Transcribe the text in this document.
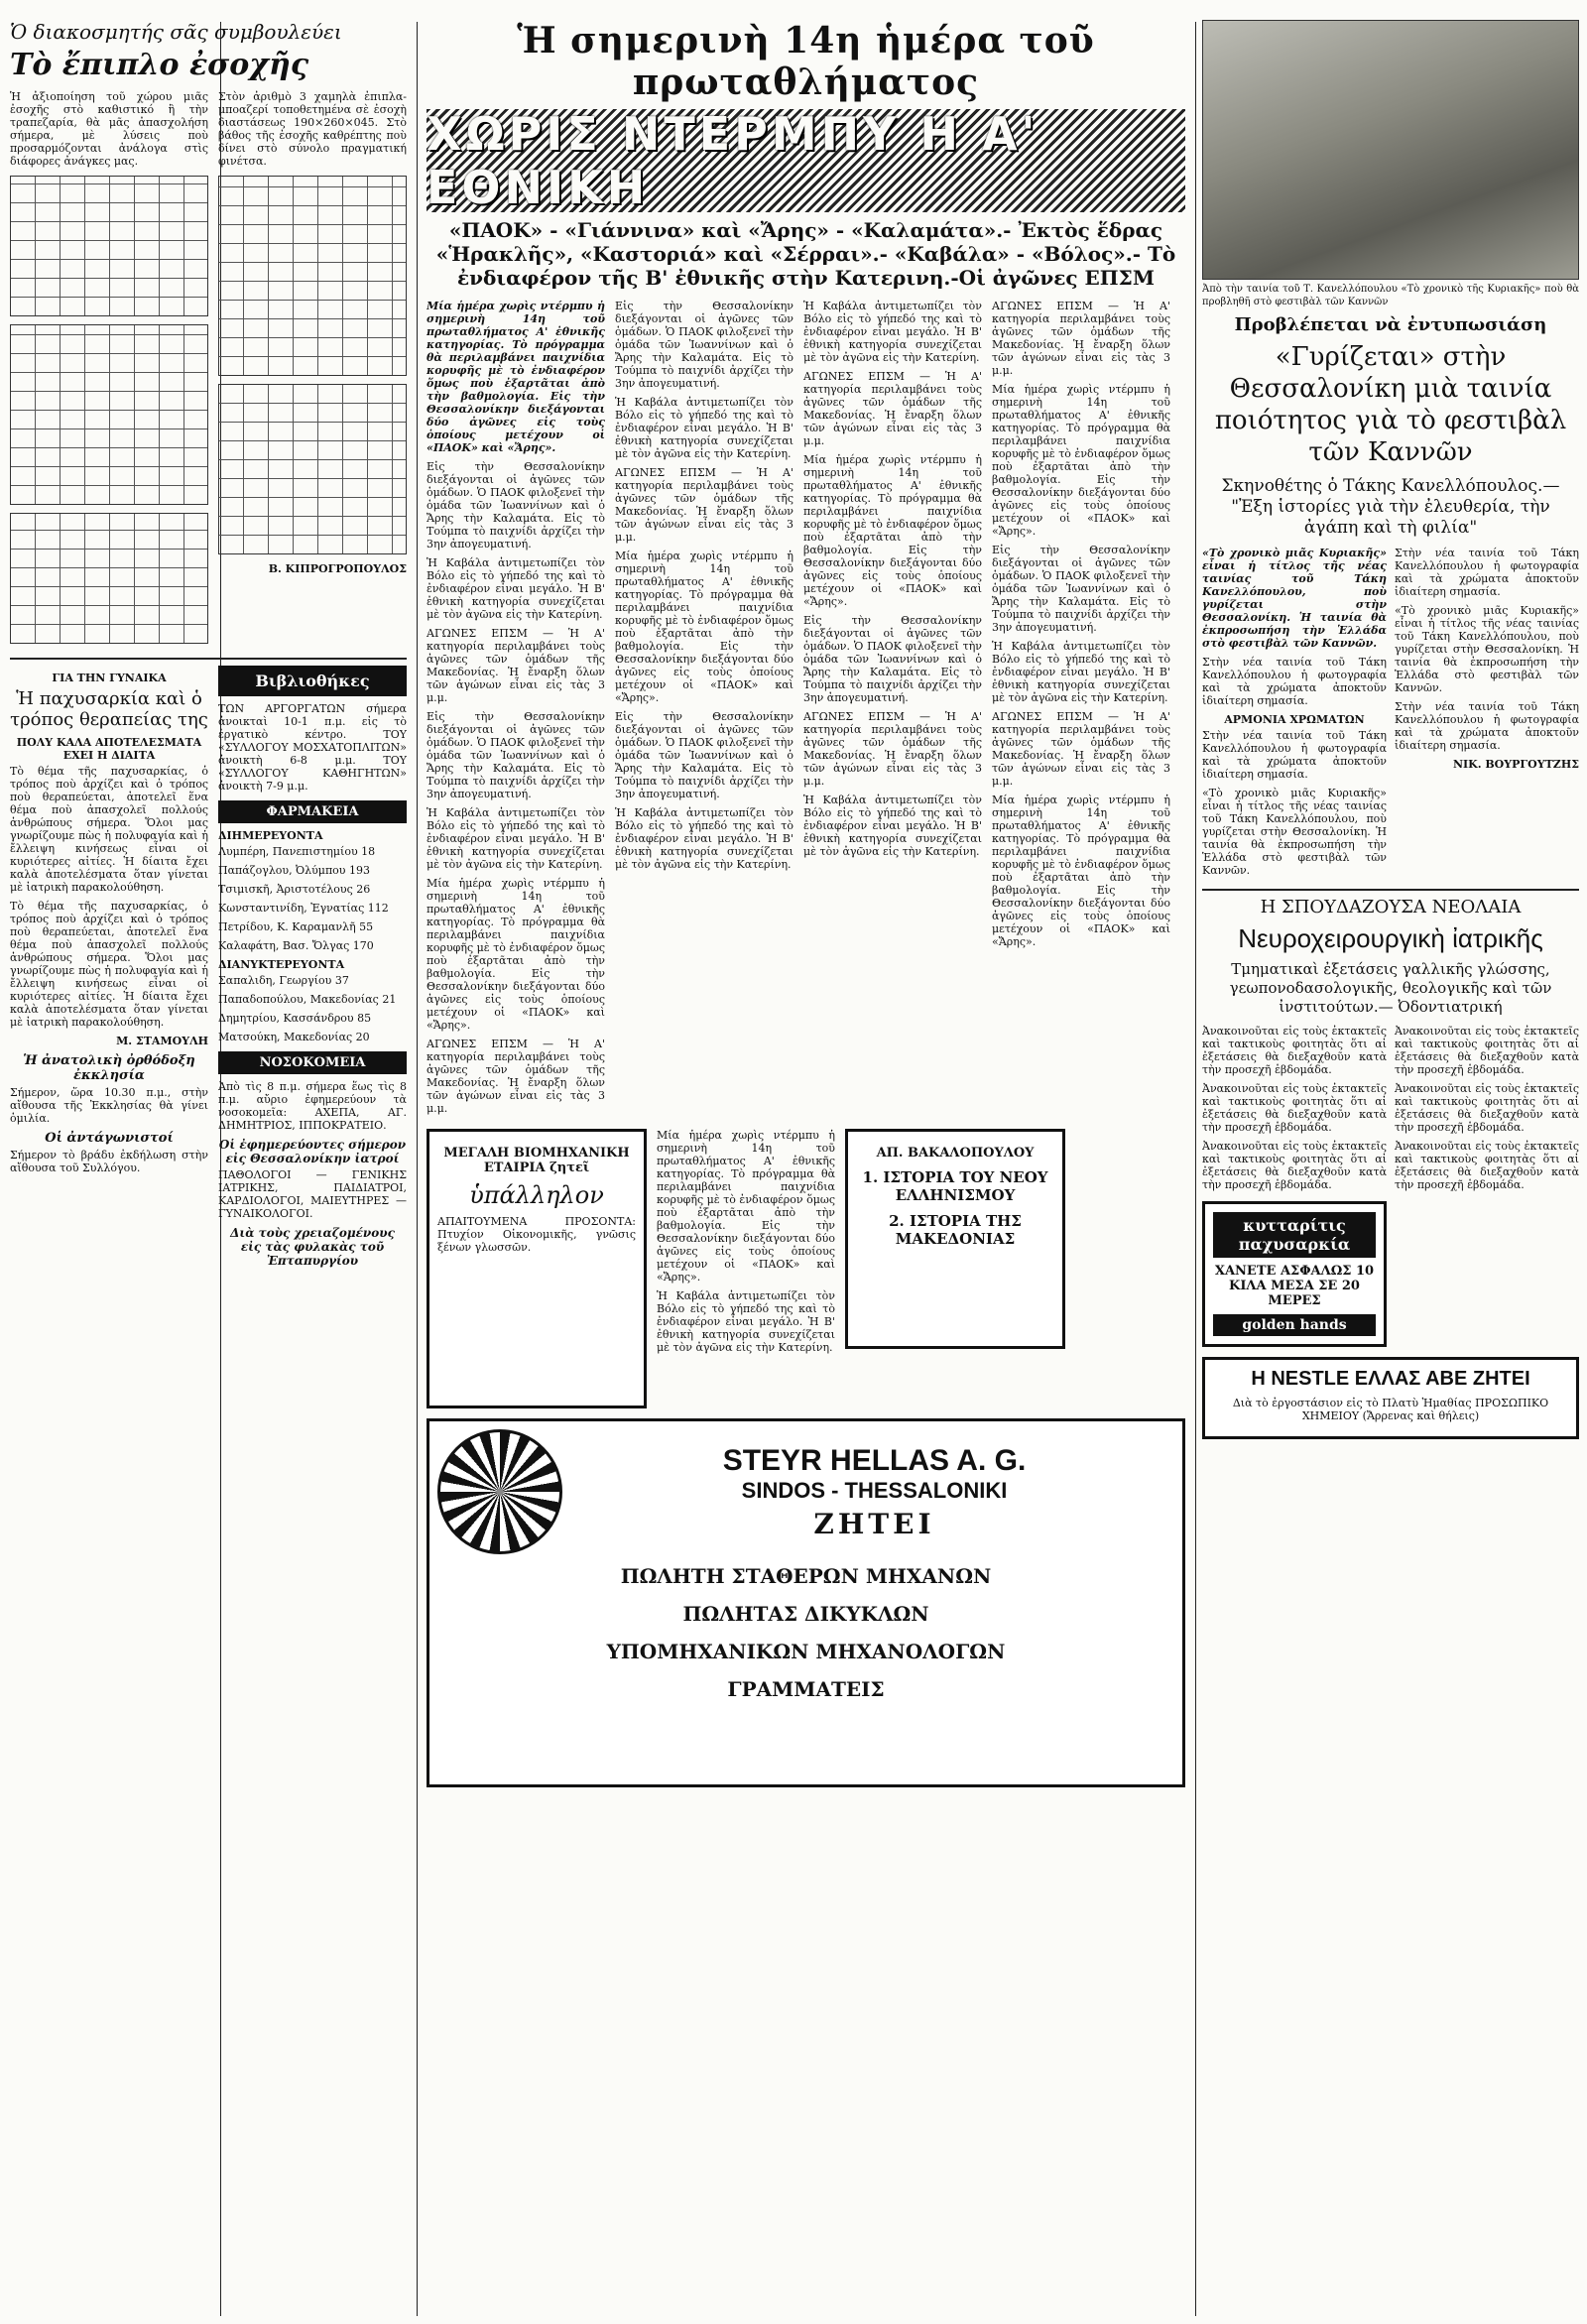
Ὁ διακοσμητής σᾶς συμβουλεύει
Τὸ ἔπιπλο ἐσοχῆς

Ἡ ἀξιοποίηση τοῦ χώρου μιᾶς ἐσοχῆς στὸ καθιστικό ἢ τὴν τραπεζαρία, θὰ μᾶς ἀπασχολήση σήμερα, μὲ λύσεις ποὺ προσαρμόζονται ἀνάλογα στὶς διάφορες ἀνάγκες μας.

Στὸν ἀριθμὸ 3 χαμηλὰ ἐπιπλα-μποαζερί τοποθετημένα σὲ ἐσοχὴ διαστάσεως 190×260×045. Στὸ βάθος τῆς ἐσοχῆς καθρέπτης ποὺ δίνει στὸ σύνολο πραγματική φινέτσα.

Β. ΚΙΠΡΟΓΡΟΠΟΥΛΟΣ

ΓΙΑ ΤΗΝ ΓΥΝΑΙΚΑ
Ἡ παχυσαρκία καὶ ὁ τρόπος θεραπείας της
ΠΟΛΥ ΚΑΛΑ ΑΠΟΤΕΛΕΣΜΑΤΑ ΕΧΕΙ Η ΔΙΑΙΤΑ

Τὸ θέμα τῆς παχυσαρκίας, ὁ τρόπος ποὺ ἀρχίζει καὶ ὁ τρόπος ποὺ θεραπεύεται, ἀποτελεῖ ἕνα θέμα ποὺ ἀπασχολεῖ πολλούς ἀνθρώπους σήμερα. Ὅλοι μας γνωρίζουμε πὼς ἡ πολυφαγία καὶ ἡ ἔλλειψη κινήσεως εἶναι οἱ κυριότερες αἰτίες. Ἡ δίαιτα ἔχει καλὰ ἀποτελέσματα ὅταν γίνεται μὲ ἰατρικὴ παρακολούθηση.

Τὸ θέμα τῆς παχυσαρκίας, ὁ τρόπος ποὺ ἀρχίζει καὶ ὁ τρόπος ποὺ θεραπεύεται, ἀποτελεῖ ἕνα θέμα ποὺ ἀπασχολεῖ πολλούς ἀνθρώπους σήμερα. Ὅλοι μας γνωρίζουμε πὼς ἡ πολυφαγία καὶ ἡ ἔλλειψη κινήσεως εἶναι οἱ κυριότερες αἰτίες. Ἡ δίαιτα ἔχει καλὰ ἀποτελέσματα ὅταν γίνεται μὲ ἰατρικὴ παρακολούθηση.

Μ. ΣΤΑΜΟΥΛΗ

Ἡ ἀνατολικὴ ὀρθόδοξη ἐκκλησία

Σήμερον, ὥρα 10.30 π.μ., στὴν αἴθουσα τῆς Ἐκκλησίας θὰ γίνει ὁμιλία.

Οἱ ἀντάγωνιστοί

Σήμερον τὸ βράδυ ἐκδήλωση στὴν αἴθουσα τοῦ Συλλόγου.

Βιβλιοθήκες

ΤΩΝ ΑΡΓΟΡΓΑΤΩΝ σήμερα ἀνοικταὶ 10-1 π.μ. εἰς τὸ ἐργατικὸ κέντρο. ΤΟΥ «ΣΥΛΛΟΓΟΥ ΜΟΣΧΑΤΟΠΛΙΤΩΝ» ἀνοικτὴ 6-8 μ.μ. ΤΟΥ «ΣΥΛΛΟΓΟΥ ΚΑΘΗΓΗΤΩΝ» ἀνοικτὴ 7-9 μ.μ.

ΦΑΡΜΑΚΕΙΑ
ΔΙΗΜΕΡΕΥΟΝΤΑ

Λυμπέρη, Πανεπιστημίου 18

Παπάζογλου, Ὀλύμπου 193

Τσιμισκῆ, Ἀριστοτέλους 26

Κωνσταντινίδη, Ἐγνατίας 112

Πετρίδου, Κ. Καραμανλῆ 55

Καλαφάτη, Βασ. Ὄλγας 170

ΔΙΑΝΥΚΤΕΡΕΥΟΝΤΑ

Σαπαλιδη, Γεωργίου 37

Παπαδοπούλου, Μακεδονίας 21

Δημητρίου, Κασσάνδρου 85

Ματσούκη, Μακεδονίας 20

ΝΟΣΟΚΟΜΕΙΑ

Ἀπὸ τὶς 8 π.μ. σήμερα ἕως τὶς 8 π.μ. αὔριο ἐφημερεύουν τὰ νοσοκομεῖα: ΑΧΕΠΑ, ΑΓ. ΔΗΜΗΤΡΙΟΣ, ΙΠΠΟΚΡΑΤΕΙΟ.

Οἱ ἐφημερεύοντες σήμερον εἰς Θεσσαλονίκην ἰατροί

ΠΑΘΟΛΟΓΟΙ — ΓΕΝΙΚΗΣ ΙΑΤΡΙΚΗΣ, ΠΑΙΔΙΑΤΡΟΙ, ΚΑΡΔΙΟΛΟΓΟΙ, ΜΑΙΕΥΤΗΡΕΣ — ΓΥΝΑΙΚΟΛΟΓΟΙ.

Διὰ τοὺς χρειαζομένους εἰς τὰς φυλακὰς τοῦ Ἐπταπυργίου
Ἡ σημερινὴ 14η ἡμέρα τοῦ πρωταθλήματος
ΧΩΡΙΣ ΝΤΕΡΜΠΥ Η Α' ΕΘΝΙΚΗ
«ΠΑΟΚ» - «Γιάννινα» καὶ «Ἄρης» - «Καλαμάτα».- Ἐκτὸς ἕδρας «Ἡρακλῆς», «Καστοριά» καὶ «Σέρραι».- «Καβάλα» - «Βόλος».- Τὸ ἐνδιαφέρον τῆς Β' ἐθνικῆς στὴν Κατερινη.-Οἱ ἀγῶνες ΕΠΣΜ

Μία ἡμέρα χωρὶς ντέρμπυ ἡ σημερινὴ 14η τοῦ πρωταθλήματος Α' ἐθνικῆς κατηγορίας. Τὸ πρόγραμμα θὰ περιλαμβάνει παιχνίδια κορυφῆς μὲ τὸ ἐνδιαφέρον ὅμως ποὺ ἐξαρτᾶται ἀπὸ τὴν βαθμολογία. Εἰς τὴν Θεσσαλονίκην διεξάγονται δύο ἀγῶνες εἰς τοὺς ὁποίους μετέχουν οἱ «ΠΑΟΚ» καὶ «Ἄρης».

Εἰς τὴν Θεσσαλονίκην διεξάγονται οἱ ἀγῶνες τῶν ὁμάδων. Ὁ ΠΑΟΚ φιλοξενεῖ τὴν ὁμάδα τῶν Ἰωαννίνων καὶ ὁ Ἄρης τὴν Καλαμάτα. Εἰς τὸ Τούμπα τὸ παιχνίδι ἀρχίζει τὴν 3ην ἀπογευματινή.

Ἡ Καβάλα ἀντιμετωπίζει τὸν Βόλο εἰς τὸ γήπεδό της καὶ τὸ ἐνδιαφέρον εἶναι μεγάλο. Ἡ Β' ἐθνικὴ κατηγορία συνεχίζεται μὲ τὸν ἀγῶνα εἰς τὴν Κατερίνη.

ΑΓΩΝΕΣ ΕΠΣΜ — Ἡ Α' κατηγορία περιλαμβάνει τοὺς ἀγῶνες τῶν ὁμάδων τῆς Μακεδονίας. Ἡ ἔναρξη ὅλων τῶν ἀγώνων εἶναι εἰς τὰς 3 μ.μ.

Εἰς τὴν Θεσσαλονίκην διεξάγονται οἱ ἀγῶνες τῶν ὁμάδων. Ὁ ΠΑΟΚ φιλοξενεῖ τὴν ὁμάδα τῶν Ἰωαννίνων καὶ ὁ Ἄρης τὴν Καλαμάτα. Εἰς τὸ Τούμπα τὸ παιχνίδι ἀρχίζει τὴν 3ην ἀπογευματινή.

Ἡ Καβάλα ἀντιμετωπίζει τὸν Βόλο εἰς τὸ γήπεδό της καὶ τὸ ἐνδιαφέρον εἶναι μεγάλο. Ἡ Β' ἐθνικὴ κατηγορία συνεχίζεται μὲ τὸν ἀγῶνα εἰς τὴν Κατερίνη.

Μία ἡμέρα χωρὶς ντέρμπυ ἡ σημερινὴ 14η τοῦ πρωταθλήματος Α' ἐθνικῆς κατηγορίας. Τὸ πρόγραμμα θὰ περιλαμβάνει παιχνίδια κορυφῆς μὲ τὸ ἐνδιαφέρον ὅμως ποὺ ἐξαρτᾶται ἀπὸ τὴν βαθμολογία. Εἰς τὴν Θεσσαλονίκην διεξάγονται δύο ἀγῶνες εἰς τοὺς ὁποίους μετέχουν οἱ «ΠΑΟΚ» καὶ «Ἄρης».

ΑΓΩΝΕΣ ΕΠΣΜ — Ἡ Α' κατηγορία περιλαμβάνει τοὺς ἀγῶνες τῶν ὁμάδων τῆς Μακεδονίας. Ἡ ἔναρξη ὅλων τῶν ἀγώνων εἶναι εἰς τὰς 3 μ.μ.

Εἰς τὴν Θεσσαλονίκην διεξάγονται οἱ ἀγῶνες τῶν ὁμάδων. Ὁ ΠΑΟΚ φιλοξενεῖ τὴν ὁμάδα τῶν Ἰωαννίνων καὶ ὁ Ἄρης τὴν Καλαμάτα. Εἰς τὸ Τούμπα τὸ παιχνίδι ἀρχίζει τὴν 3ην ἀπογευματινή.

Ἡ Καβάλα ἀντιμετωπίζει τὸν Βόλο εἰς τὸ γήπεδό της καὶ τὸ ἐνδιαφέρον εἶναι μεγάλο. Ἡ Β' ἐθνικὴ κατηγορία συνεχίζεται μὲ τὸν ἀγῶνα εἰς τὴν Κατερίνη.

ΑΓΩΝΕΣ ΕΠΣΜ — Ἡ Α' κατηγορία περιλαμβάνει τοὺς ἀγῶνες τῶν ὁμάδων τῆς Μακεδονίας. Ἡ ἔναρξη ὅλων τῶν ἀγώνων εἶναι εἰς τὰς 3 μ.μ.

Μία ἡμέρα χωρὶς ντέρμπυ ἡ σημερινὴ 14η τοῦ πρωταθλήματος Α' ἐθνικῆς κατηγορίας. Τὸ πρόγραμμα θὰ περιλαμβάνει παιχνίδια κορυφῆς μὲ τὸ ἐνδιαφέρον ὅμως ποὺ ἐξαρτᾶται ἀπὸ τὴν βαθμολογία. Εἰς τὴν Θεσσαλονίκην διεξάγονται δύο ἀγῶνες εἰς τοὺς ὁποίους μετέχουν οἱ «ΠΑΟΚ» καὶ «Ἄρης».

Εἰς τὴν Θεσσαλονίκην διεξάγονται οἱ ἀγῶνες τῶν ὁμάδων. Ὁ ΠΑΟΚ φιλοξενεῖ τὴν ὁμάδα τῶν Ἰωαννίνων καὶ ὁ Ἄρης τὴν Καλαμάτα. Εἰς τὸ Τούμπα τὸ παιχνίδι ἀρχίζει τὴν 3ην ἀπογευματινή.

Ἡ Καβάλα ἀντιμετωπίζει τὸν Βόλο εἰς τὸ γήπεδό της καὶ τὸ ἐνδιαφέρον εἶναι μεγάλο. Ἡ Β' ἐθνικὴ κατηγορία συνεχίζεται μὲ τὸν ἀγῶνα εἰς τὴν Κατερίνη.

Ἡ Καβάλα ἀντιμετωπίζει τὸν Βόλο εἰς τὸ γήπεδό της καὶ τὸ ἐνδιαφέρον εἶναι μεγάλο. Ἡ Β' ἐθνικὴ κατηγορία συνεχίζεται μὲ τὸν ἀγῶνα εἰς τὴν Κατερίνη.

ΑΓΩΝΕΣ ΕΠΣΜ — Ἡ Α' κατηγορία περιλαμβάνει τοὺς ἀγῶνες τῶν ὁμάδων τῆς Μακεδονίας. Ἡ ἔναρξη ὅλων τῶν ἀγώνων εἶναι εἰς τὰς 3 μ.μ.

Μία ἡμέρα χωρὶς ντέρμπυ ἡ σημερινὴ 14η τοῦ πρωταθλήματος Α' ἐθνικῆς κατηγορίας. Τὸ πρόγραμμα θὰ περιλαμβάνει παιχνίδια κορυφῆς μὲ τὸ ἐνδιαφέρον ὅμως ποὺ ἐξαρτᾶται ἀπὸ τὴν βαθμολογία. Εἰς τὴν Θεσσαλονίκην διεξάγονται δύο ἀγῶνες εἰς τοὺς ὁποίους μετέχουν οἱ «ΠΑΟΚ» καὶ «Ἄρης».

Εἰς τὴν Θεσσαλονίκην διεξάγονται οἱ ἀγῶνες τῶν ὁμάδων. Ὁ ΠΑΟΚ φιλοξενεῖ τὴν ὁμάδα τῶν Ἰωαννίνων καὶ ὁ Ἄρης τὴν Καλαμάτα. Εἰς τὸ Τούμπα τὸ παιχνίδι ἀρχίζει τὴν 3ην ἀπογευματινή.

ΑΓΩΝΕΣ ΕΠΣΜ — Ἡ Α' κατηγορία περιλαμβάνει τοὺς ἀγῶνες τῶν ὁμάδων τῆς Μακεδονίας. Ἡ ἔναρξη ὅλων τῶν ἀγώνων εἶναι εἰς τὰς 3 μ.μ.

Ἡ Καβάλα ἀντιμετωπίζει τὸν Βόλο εἰς τὸ γήπεδό της καὶ τὸ ἐνδιαφέρον εἶναι μεγάλο. Ἡ Β' ἐθνικὴ κατηγορία συνεχίζεται μὲ τὸν ἀγῶνα εἰς τὴν Κατερίνη.

ΑΓΩΝΕΣ ΕΠΣΜ — Ἡ Α' κατηγορία περιλαμβάνει τοὺς ἀγῶνες τῶν ὁμάδων τῆς Μακεδονίας. Ἡ ἔναρξη ὅλων τῶν ἀγώνων εἶναι εἰς τὰς 3 μ.μ.

Μία ἡμέρα χωρὶς ντέρμπυ ἡ σημερινὴ 14η τοῦ πρωταθλήματος Α' ἐθνικῆς κατηγορίας. Τὸ πρόγραμμα θὰ περιλαμβάνει παιχνίδια κορυφῆς μὲ τὸ ἐνδιαφέρον ὅμως ποὺ ἐξαρτᾶται ἀπὸ τὴν βαθμολογία. Εἰς τὴν Θεσσαλονίκην διεξάγονται δύο ἀγῶνες εἰς τοὺς ὁποίους μετέχουν οἱ «ΠΑΟΚ» καὶ «Ἄρης».

Εἰς τὴν Θεσσαλονίκην διεξάγονται οἱ ἀγῶνες τῶν ὁμάδων. Ὁ ΠΑΟΚ φιλοξενεῖ τὴν ὁμάδα τῶν Ἰωαννίνων καὶ ὁ Ἄρης τὴν Καλαμάτα. Εἰς τὸ Τούμπα τὸ παιχνίδι ἀρχίζει τὴν 3ην ἀπογευματινή.

Ἡ Καβάλα ἀντιμετωπίζει τὸν Βόλο εἰς τὸ γήπεδό της καὶ τὸ ἐνδιαφέρον εἶναι μεγάλο. Ἡ Β' ἐθνικὴ κατηγορία συνεχίζεται μὲ τὸν ἀγῶνα εἰς τὴν Κατερίνη.

ΑΓΩΝΕΣ ΕΠΣΜ — Ἡ Α' κατηγορία περιλαμβάνει τοὺς ἀγῶνες τῶν ὁμάδων τῆς Μακεδονίας. Ἡ ἔναρξη ὅλων τῶν ἀγώνων εἶναι εἰς τὰς 3 μ.μ.

Μία ἡμέρα χωρὶς ντέρμπυ ἡ σημερινὴ 14η τοῦ πρωταθλήματος Α' ἐθνικῆς κατηγορίας. Τὸ πρόγραμμα θὰ περιλαμβάνει παιχνίδια κορυφῆς μὲ τὸ ἐνδιαφέρον ὅμως ποὺ ἐξαρτᾶται ἀπὸ τὴν βαθμολογία. Εἰς τὴν Θεσσαλονίκην διεξάγονται δύο ἀγῶνες εἰς τοὺς ὁποίους μετέχουν οἱ «ΠΑΟΚ» καὶ «Ἄρης».

ΜΕΓΑΛΗ ΒΙΟΜΗΧΑΝΙΚΗ ΕΤΑΙΡΙΑ ζητεῖ
ὑπάλληλον

ΑΠΑΙΤΟΥΜΕΝΑ ΠΡΟΣΟΝΤΑ: Πτυχίον Οἰκονομικῆς, γνῶσις ξένων γλωσσῶν.

Μία ἡμέρα χωρὶς ντέρμπυ ἡ σημερινὴ 14η τοῦ πρωταθλήματος Α' ἐθνικῆς κατηγορίας. Τὸ πρόγραμμα θὰ περιλαμβάνει παιχνίδια κορυφῆς μὲ τὸ ἐνδιαφέρον ὅμως ποὺ ἐξαρτᾶται ἀπὸ τὴν βαθμολογία. Εἰς τὴν Θεσσαλονίκην διεξάγονται δύο ἀγῶνες εἰς τοὺς ὁποίους μετέχουν οἱ «ΠΑΟΚ» καὶ «Ἄρης».

Ἡ Καβάλα ἀντιμετωπίζει τὸν Βόλο εἰς τὸ γήπεδό της καὶ τὸ ἐνδιαφέρον εἶναι μεγάλο. Ἡ Β' ἐθνικὴ κατηγορία συνεχίζεται μὲ τὸν ἀγῶνα εἰς τὴν Κατερίνη.

ΑΠ. ΒΑΚΑΛΟΠΟΥΛΟΥ
1. ΙΣΤΟΡΙΑ ΤΟΥ ΝΕΟΥ ΕΛΛΗΝΙΣΜΟΥ
2. ΙΣΤΟΡΙΑ ΤΗΣ ΜΑΚΕΔΟΝΙΑΣ
STEYR HELLAS A. G.
SINDOS - THESSALONIKI
ΖΗΤΕΙ
ΠΩΛΗΤΗ ΣΤΑΘΕΡΩΝ ΜΗΧΑΝΩΝ
ΠΩΛΗΤΑΣ ΔΙΚΥΚΛΩΝ
ΥΠΟΜΗΧΑΝΙΚΩΝ ΜΗΧΑΝΟΛΟΓΩΝ
ΓΡΑΜΜΑΤΕΙΣ

Ἀπὸ τὴν ταινία τοῦ Τ. Κανελλόπουλου «Τὸ χρονικὸ τῆς Κυριακῆς» ποὺ θὰ προβληθῆ στὸ φεστιβὰλ τῶν Καννῶν

Προβλέπεται νὰ ἐντυπωσιάση
«Γυρίζεται» στὴν Θεσσαλονίκη μιὰ ταινία ποιότητος γιὰ τὸ φεστιβὰλ τῶν Καννῶν
Σκηνοθέτης ὁ Τάκης Κανελλόπουλος.— "Ἐξη ἱστορίες γιὰ τὴν ἐλευθερία, τὴν ἀγάπη καὶ τὴ φιλία"

«Τὸ χρονικὸ μιᾶς Κυριακῆς» εἶναι ἡ τίτλος τῆς νέας ταινίας τοῦ Τάκη Κανελλόπουλου, ποὺ γυρίζεται στὴν Θεσσαλονίκη. Ἡ ταινία θὰ ἐκπροσωπήση τὴν Ἑλλάδα στὸ φεστιβὰλ τῶν Καννῶν.

Στὴν νέα ταινία τοῦ Τάκη Κανελλόπουλου ἡ φωτογραφία καὶ τὰ χρώματα ἀποκτοῦν ἰδιαίτερη σημασία.

ΑΡΜΟΝΙΑ ΧΡΩΜΑΤΩΝ

Στὴν νέα ταινία τοῦ Τάκη Κανελλόπουλου ἡ φωτογραφία καὶ τὰ χρώματα ἀποκτοῦν ἰδιαίτερη σημασία.

«Τὸ χρονικὸ μιᾶς Κυριακῆς» εἶναι ἡ τίτλος τῆς νέας ταινίας τοῦ Τάκη Κανελλόπουλου, ποὺ γυρίζεται στὴν Θεσσαλονίκη. Ἡ ταινία θὰ ἐκπροσωπήση τὴν Ἑλλάδα στὸ φεστιβὰλ τῶν Καννῶν.

Στὴν νέα ταινία τοῦ Τάκη Κανελλόπουλου ἡ φωτογραφία καὶ τὰ χρώματα ἀποκτοῦν ἰδιαίτερη σημασία.

«Τὸ χρονικὸ μιᾶς Κυριακῆς» εἶναι ἡ τίτλος τῆς νέας ταινίας τοῦ Τάκη Κανελλόπουλου, ποὺ γυρίζεται στὴν Θεσσαλονίκη. Ἡ ταινία θὰ ἐκπροσωπήση τὴν Ἑλλάδα στὸ φεστιβὰλ τῶν Καννῶν.

Στὴν νέα ταινία τοῦ Τάκη Κανελλόπουλου ἡ φωτογραφία καὶ τὰ χρώματα ἀποκτοῦν ἰδιαίτερη σημασία.

ΝΙΚ. ΒΟΥΡΓΟΥΤΖΗΣ

Η ΣΠΟΥΔΑΖΟΥΣΑ ΝΕΟΛΑΙΑ
Νευροχειρουργικὴ ἰατρικῆς
Τμηματικαὶ ἐξετάσεις γαλλικῆς γλώσσης, γεωπονοδασολογικῆς, θεολογικῆς καὶ τῶν ἰνστιτούτων.— Ὀδοντιατρική

Ἀνακοινοῦται εἰς τοὺς ἐκτακτεῖς καὶ τακτικοὺς φοιτητὰς ὅτι αἱ ἐξετάσεις θὰ διεξαχθοῦν κατὰ τὴν προσεχῆ ἑβδομάδα.

Ἀνακοινοῦται εἰς τοὺς ἐκτακτεῖς καὶ τακτικοὺς φοιτητὰς ὅτι αἱ ἐξετάσεις θὰ διεξαχθοῦν κατὰ τὴν προσεχῆ ἑβδομάδα.

Ἀνακοινοῦται εἰς τοὺς ἐκτακτεῖς καὶ τακτικοὺς φοιτητὰς ὅτι αἱ ἐξετάσεις θὰ διεξαχθοῦν κατὰ τὴν προσεχῆ ἑβδομάδα.

κυτταρίτις παχυσαρκία
ΧΑΝΕΤΕ ΑΣΦΑΛΩΣ 10 ΚΙΛΑ ΜΕΣΑ ΣΕ 20 ΜΕΡΕΣ
golden hands

Ἀνακοινοῦται εἰς τοὺς ἐκτακτεῖς καὶ τακτικοὺς φοιτητὰς ὅτι αἱ ἐξετάσεις θὰ διεξαχθοῦν κατὰ τὴν προσεχῆ ἑβδομάδα.

Ἀνακοινοῦται εἰς τοὺς ἐκτακτεῖς καὶ τακτικοὺς φοιτητὰς ὅτι αἱ ἐξετάσεις θὰ διεξαχθοῦν κατὰ τὴν προσεχῆ ἑβδομάδα.

Ἀνακοινοῦται εἰς τοὺς ἐκτακτεῖς καὶ τακτικοὺς φοιτητὰς ὅτι αἱ ἐξετάσεις θὰ διεξαχθοῦν κατὰ τὴν προσεχῆ ἑβδομάδα.

Η NESTLE ΕΛΛΑΣ ΑΒΕ ΖΗΤΕΙ

Διὰ τὸ ἐργοστάσιον εἰς τὸ Πλατὺ Ἡμαθίας ΠΡΟΣΩΠΙΚΟ ΧΗΜΕΙΟΥ (Ἄρρενας καὶ θήλεις)
